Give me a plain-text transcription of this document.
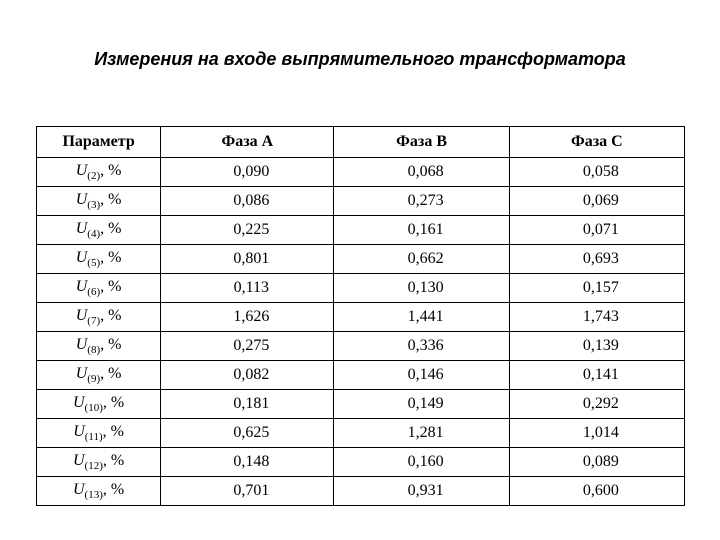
Измерения на входе выпрямительного трансформатора
Параметр	Фаза A	Фаза B	Фаза C
$U_{(2)}$, %	0,090	0,068	0,058
$U_{(3)}$, %	0,086	0,273	0,069
$U_{(4)}$, %	0,225	0,161	0,071
$U_{(5)}$, %	0,801	0,662	0,693
$U_{(6)}$, %	0,113	0,130	0,157
$U_{(7)}$, %	1,626	1,441	1,743
$U_{(8)}$, %	0,275	0,336	0,139
$U_{(9)}$, %	0,082	0,146	0,141
$U_{(10)}$, %	0,181	0,149	0,292
$U_{(11)}$, %	0,625	1,281	1,014
$U_{(12)}$, %	0,148	0,160	0,089
$U_{(13)}$, %	0,701	0,931	0,600
